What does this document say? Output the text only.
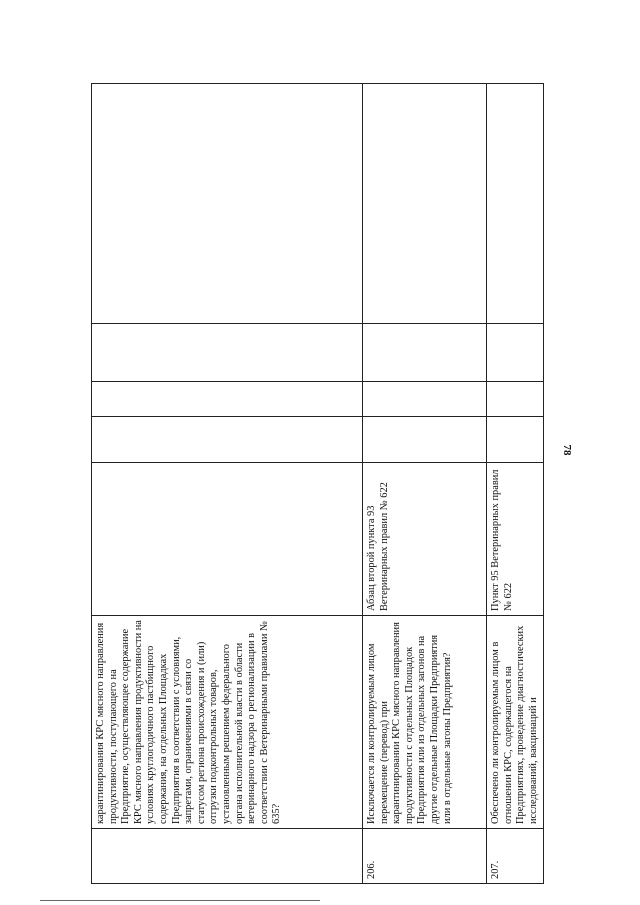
78
	карантинирования КРС мясного направления продуктивности, поступающего на Предприятие, осуществляющее содержание КРС мясного направления продуктивности на условиях круглогодичного пастбищного содержания, на отдельных Площадках Предприятия в соответствии с условиями, запретами, ограничениями в связи со статусом региона происхождения и (или) отгрузки подконтрольных товаров, установленным решением федерального органа исполнительной власти в области ветеринарного надзора о регионализации в соответствии с Ветеринарными правилами № 635?					
206.	Исключается ли контролируемым лицом перемещение (перевод) при карантинировании КРС мясного направления продуктивности с отдельных Площадок Предприятия или из отдельных загонов на другие отдельные Площадки Предприятия или в отдельные загоны Предприятия?	Абзац второй пункта 93 Ветеринарных правил № 622				
207.	Обеспечено ли контролируемым лицом в отношении КРС, содержащегося на Предприятиях, проведение диагностических исследований, вакцинаций и	Пункт 95 Ветеринарных правил № 622				
